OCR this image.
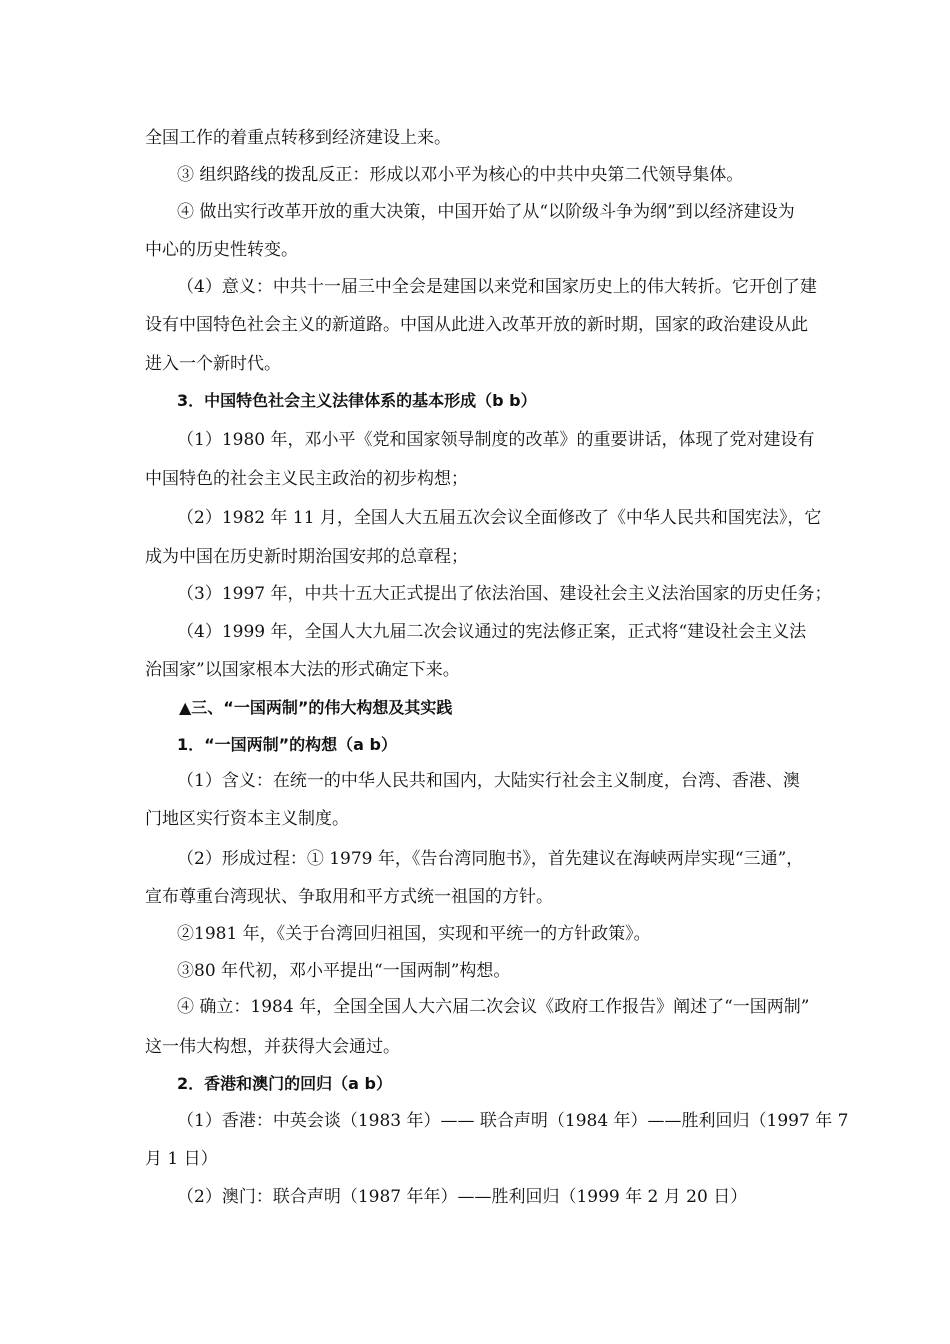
全国工作的着重点转移到经济建设上来。
③ 组织路线的拨乱反正：形成以邓小平为核心的中共中央第二代领导集体。
④ 做出实行改革开放的重大决策，中国开始了从“以阶级斗争为纲”到以经济建设为
中心的历史性转变。
（4）意义：中共十一届三中全会是建国以来党和国家历史上的伟大转折。它开创了建
设有中国特色社会主义的新道路。中国从此进入改革开放的新时期，国家的政治建设从此
进入一个新时代。
3．中国特色社会主义法律体系的基本形成（b b）
（1）1980 年，邓小平《党和国家领导制度的改革》的重要讲话，体现了党对建设有
中国特色的社会主义民主政治的初步构想；
（2）1982 年 11 月，全国人大五届五次会议全面修改了《中华人民共和国宪法》，它
成为中国在历史新时期治国安邦的总章程；
（3）1997 年，中共十五大正式提出了依法治国、建设社会主义法治国家的历史任务；
（4）1999 年，全国人大九届二次会议通过的宪法修正案，正式将“建设社会主义法
治国家”以国家根本大法的形式确定下来。
▲三、“一国两制”的伟大构想及其实践
1．“一国两制”的构想（a b）
（1）含义：在统一的中华人民共和国内，大陆实行社会主义制度，台湾、香港、澳
门地区实行资本主义制度。
（2）形成过程：① 1979 年，《告台湾同胞书》，首先建议在海峡两岸实现“三通”，
宣布尊重台湾现状、争取用和平方式统一祖国的方针。
②1981 年，《关于台湾回归祖国，实现和平统一的方针政策》。
③80 年代初，邓小平提出“一国两制”构想。
④ 确立：1984 年，全国全国人大六届二次会议《政府工作报告》阐述了“一国两制”
这一伟大构想，并获得大会通过。
2．香港和澳门的回归（a b）
（1）香港：中英会谈（1983 年）—— 联合声明（1984 年）——胜利回归（1997 年 7
月 1 日）
（2）澳门：联合声明（1987 年年）——胜利回归（1999 年 2 月 20 日）
